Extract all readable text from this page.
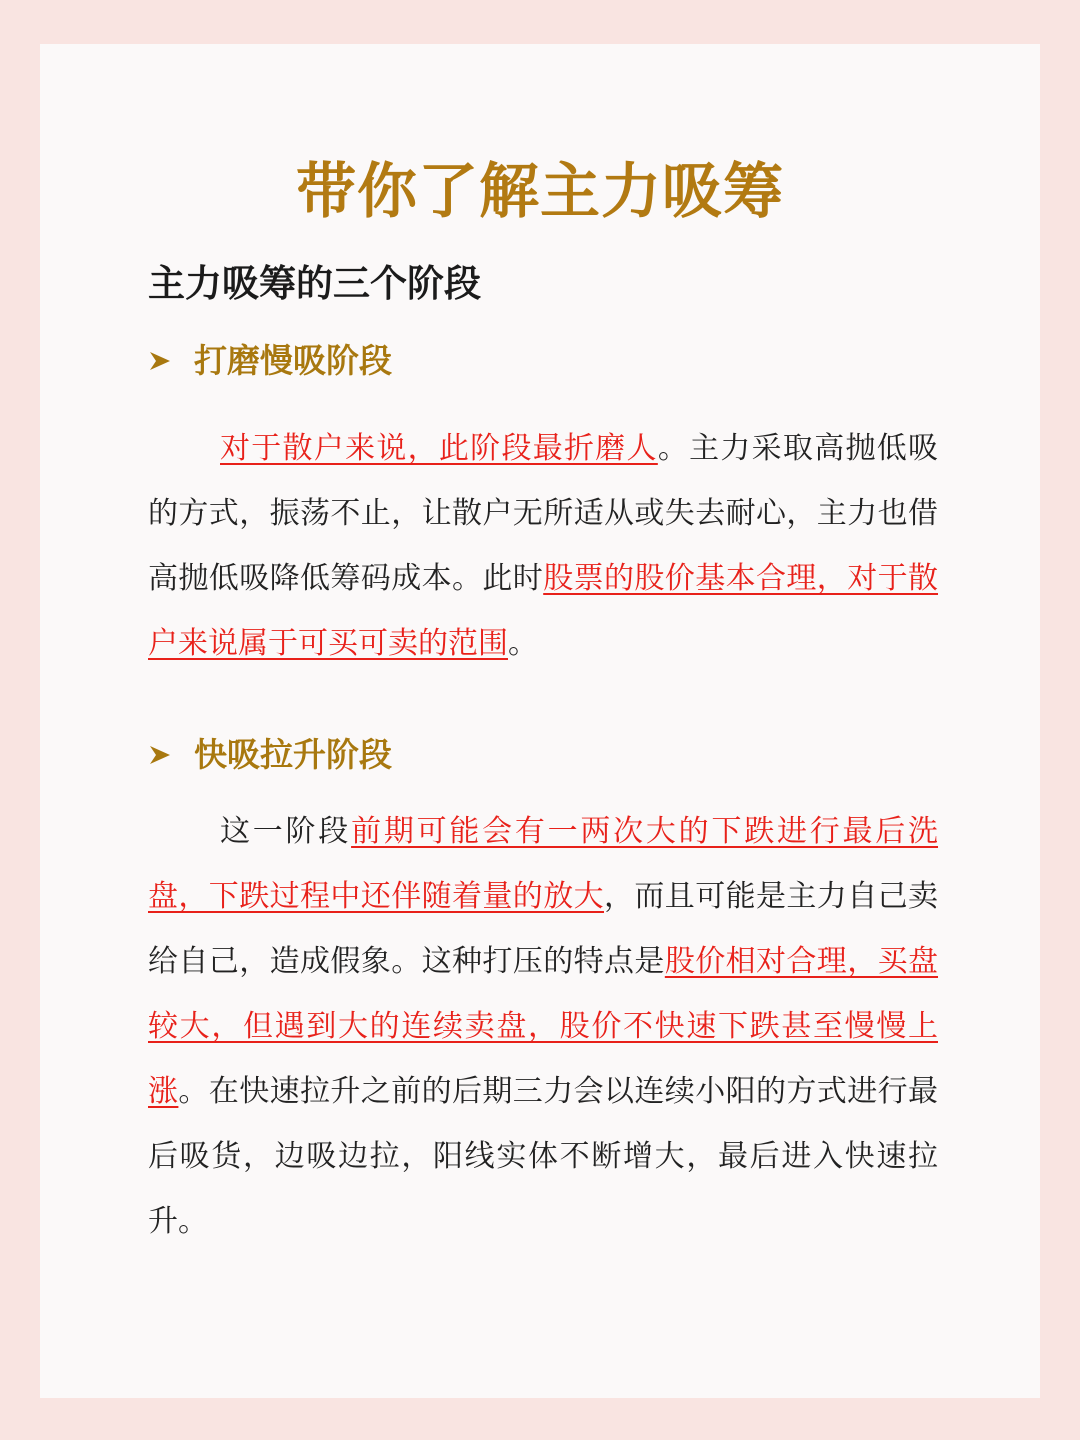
带你了解主力吸筹
主力吸筹的三个阶段
打磨慢吸阶段

对于散户来说，此阶段最折磨人。主力采取高抛低吸的方式，振荡不止，让散户无所适从或失去耐心，主力也借高抛低吸降低筹码成本。此时股票的股价基本合理，对于散户来说属于可买可卖的范围。

快吸拉升阶段

这一阶段前期可能会有一两次大的下跌进行最后洗盘，下跌过程中还伴随着量的放大，而且可能是主力自己卖给自己，造成假象。这种打压的特点是股价相对合理，买盘较大，但遇到大的连续卖盘，股价不快速下跌甚至慢慢上涨。在快速拉升之前的后期三力会以连续小阳的方式进行最后吸货，边吸边拉，阳线实体不断增大，最后进入快速拉升。
